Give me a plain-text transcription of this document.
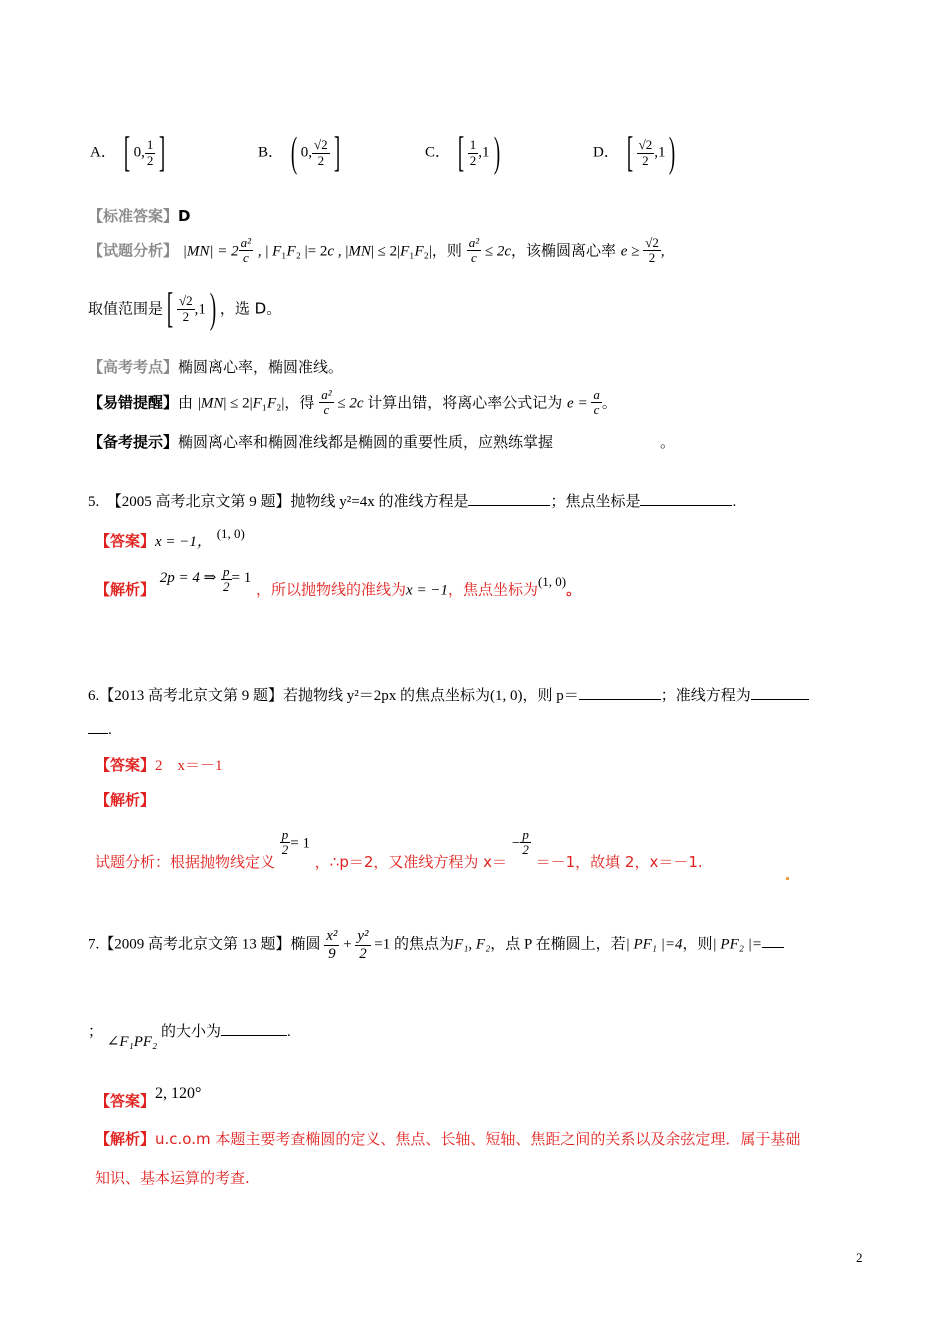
A． [ 0, $\frac{1}{2}$ ]	B． ( 0, $\frac{√2}{2}$ ]	C． [ $\frac{1}{2} ,1$)	D． [ $\frac{√2}{2} ,1$)
【标准答案】D
【试题分析】 $|MN| = 2 \frac{\text{a²}}{c}$ , | F₁F₂ |= 2c , |MN| ≤ 2|F₁F₂|，则 $\frac{\text{a²}}{c} \le 2c$，该椭圆离心率 $e \ge \frac{√2}{2}$ ,
取值范围是[ $\frac{√2}{2} ,1$) ，选 D。
【高考考点】椭圆离心率，椭圆准线。
【易错提醒】由 |MN| ≤ 2|F₁F₂|，得 $\frac{\text{a²}}{c} \le 2c$ 计算出错，将离心率公式记为 $e = \frac{a}{c}$ 。
【备考提示】椭圆离心率和椭圆准线都是椭圆的重要性质，应熟练掌握	。
5.　【2005 高考北京文第 9 题】抛物线 y²=4x 的准线方程是	；焦点坐标是	.
【答案】x = −1， (1, 0)
【解析】 2p = 4 ⇒ $\frac{p}{2} = 1$ ，所以抛物线的准线为x = −1，焦点坐标为(1, 0)。
6.【2013 高考北京文第 9 题】若抛物线 y²＝2px 的焦点坐标为(1, 0)，则 p＝	；准线方程为
.
【答案】2　x＝－1
【解析】
试题分析：根据抛物线定义
$\frac{p}{2} = 1$ ，∴p＝2，又准线方程为 $x= - \frac{p}{2}$
＝－1，故填 2，x＝－1.
7.【2009 高考北京文第 13 题】椭圆 $\frac{\text{x²}}{9} + \frac{\text{y²}}{2} =1$ 的焦点为F₁, F₂，点 P 在椭圆上，若| PF₁ |=4，则| PF₂ |=
； ∠F₁PF₂ 的大小为	.
【答案】2, 120°
【解析】u.c.o.m 本题主要考查椭圆的定义、焦点、长轴、短轴、焦距之间的关系以及余弦定理．属于基础
知识、基本运算的考查.
2
